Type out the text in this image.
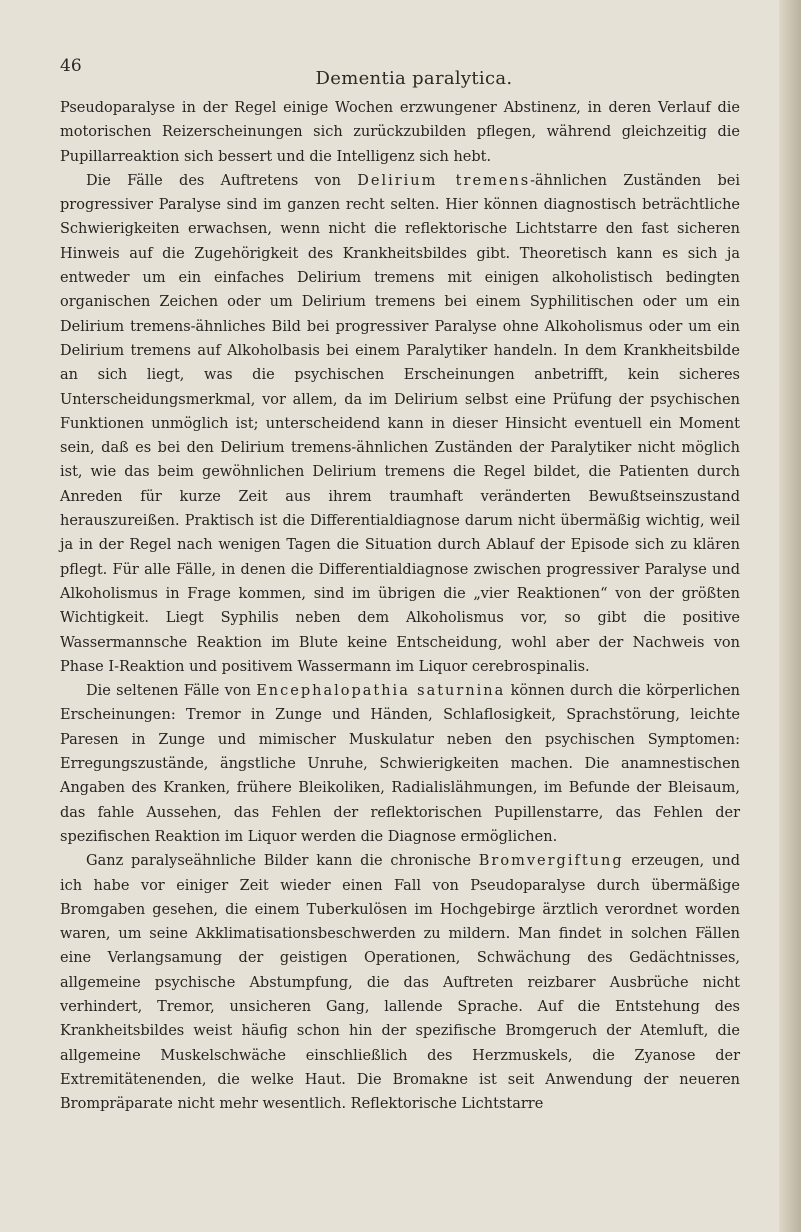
46
Dementia paralytica.

Pseudoparalyse in der Regel einige Wochen erzwungener Abstinenz, in deren Verlauf die motorischen Reizerscheinungen sich zurückzubilden pflegen, während gleichzeitig die Pupillarreaktion sich bessert und die Intelligenz sich hebt.

Die Fälle des Auftretens von Delirium tremens-ähnlichen Zuständen bei progressiver Paralyse sind im ganzen recht selten. Hier können diagnostisch beträchtliche Schwierigkeiten erwachsen, wenn nicht die reflektorische Lichtstarre den fast sicheren Hinweis auf die Zugehörigkeit des Krankheitsbildes gibt. Theoretisch kann es sich ja entweder um ein einfaches Delirium tremens mit einigen alkoholistisch bedingten organischen Zeichen oder um Delirium tremens bei einem Syphilitischen oder um ein Delirium tremens-ähnliches Bild bei progressiver Paralyse ohne Alkoholismus oder um ein Delirium tremens auf Alkoholbasis bei einem Paralytiker handeln. In dem Krankheitsbilde an sich liegt, was die psychischen Erscheinungen anbetrifft, kein sicheres Unterscheidungsmerkmal, vor allem, da im Delirium selbst eine Prüfung der psychischen Funktionen unmöglich ist; unterscheidend kann in dieser Hinsicht eventuell ein Moment sein, daß es bei den Delirium tremens-ähnlichen Zuständen der Paralytiker nicht möglich ist, wie das beim gewöhnlichen Delirium tremens die Regel bildet, die Patienten durch Anreden für kurze Zeit aus ihrem traumhaft veränderten Bewußtseinszustand herauszureißen. Praktisch ist die Differentialdiagnose darum nicht übermäßig wichtig, weil ja in der Regel nach wenigen Tagen die Situation durch Ablauf der Episode sich zu klären pflegt. Für alle Fälle, in denen die Differentialdiagnose zwischen progressiver Paralyse und Alkoholismus in Frage kommen, sind im übrigen die „vier Reaktionen“ von der größten Wichtigkeit. Liegt Syphilis neben dem Alkoholismus vor, so gibt die positive Wassermannsche Reaktion im Blute keine Entscheidung, wohl aber der Nachweis von Phase I-Reaktion und positivem Wassermann im Liquor cerebrospinalis.

Die seltenen Fälle von Encephalopathia saturnina können durch die körperlichen Erscheinungen: Tremor in Zunge und Händen, Schlaflosigkeit, Sprachstörung, leichte Paresen in Zunge und mimischer Muskulatur neben den psychischen Symptomen: Erregungszustände, ängstliche Unruhe, Schwierigkeiten machen. Die anamnestischen Angaben des Kranken, frühere Bleikoliken, Radialislähmungen, im Befunde der Bleisaum, das fahle Aussehen, das Fehlen der reflektorischen Pupillenstarre, das Fehlen der spezifischen Reaktion im Liquor werden die Diagnose ermöglichen.

Ganz paralyseähnliche Bilder kann die chronische Bromvergiftung erzeugen, und ich habe vor einiger Zeit wieder einen Fall von Pseudoparalyse durch übermäßige Bromgaben gesehen, die einem Tuberkulösen im Hochgebirge ärztlich verordnet worden waren, um seine Akklimatisationsbeschwerden zu mildern. Man findet in solchen Fällen eine Verlangsamung der geistigen Operationen, Schwächung des Gedächtnisses, allgemeine psychische Abstumpfung, die das Auftreten reizbarer Ausbrüche nicht verhindert, Tremor, unsicheren Gang, lallende Sprache. Auf die Entstehung des Krankheitsbildes weist häufig schon hin der spezifische Bromgeruch der Atemluft, die allgemeine Muskelschwäche einschließlich des Herzmuskels, die Zyanose der Extremitätenenden, die welke Haut. Die Bromakne ist seit Anwendung der neueren Brompräparate nicht mehr wesentlich. Reflektorische Lichtstarre
